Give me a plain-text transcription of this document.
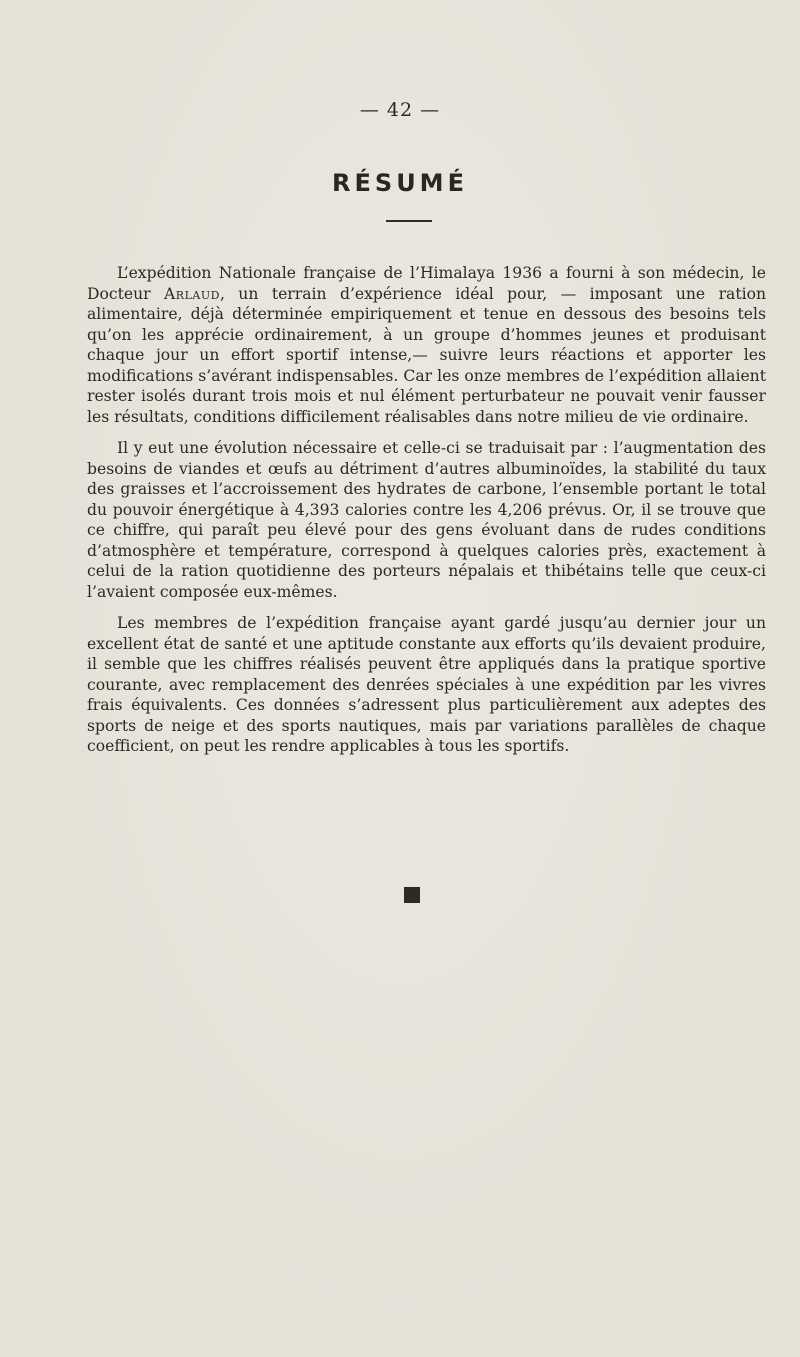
— 42 —
RÉSUMÉ

L’expédition Nationale française de l’Himalaya 1936 a fourni à son médecin, le Docteur Arlaud, un terrain d’expérience idéal pour, — imposant une ration alimentaire, déjà déterminée empiriquement et tenue en dessous des besoins tels qu’on les apprécie ordinairement, à un groupe d’hommes jeunes et produisant chaque jour un effort sportif intense,— suivre leurs réactions et apporter les modifications s’avérant indispensables. Car les onze membres de l’expédition allaient rester isolés durant trois mois et nul élément perturbateur ne pouvait venir fausser les résultats, conditions difficilement réalisables dans notre milieu de vie ordinaire.

Il y eut une évolution nécessaire et celle-ci se traduisait par : l’augmentation des besoins de viandes et œufs au détriment d’autres albuminoïdes, la stabilité du taux des graisses et l’accroissement des hydrates de carbone, l’ensemble portant le total du pouvoir énergétique à 4,393 calories contre les 4,206 prévus. Or, il se trouve que ce chiffre, qui paraît peu élevé pour des gens évoluant dans de rudes conditions d’atmosphère et température, correspond à quelques calories près, exactement à celui de la ration quotidienne des porteurs népalais et thibétains telle que ceux-ci l’avaient composée eux-mêmes.

Les membres de l’expédition française ayant gardé jusqu’au dernier jour un excellent état de santé et une aptitude constante aux efforts qu’ils devaient produire, il semble que les chiffres réalisés peuvent être appliqués dans la pratique sportive courante, avec remplacement des denrées spéciales à une expédition par les vivres frais équivalents. Ces données s’adressent plus particulièrement aux adeptes des sports de neige et des sports nautiques, mais par variations parallèles de chaque coefficient, on peut les rendre applicables à tous les sportifs.
